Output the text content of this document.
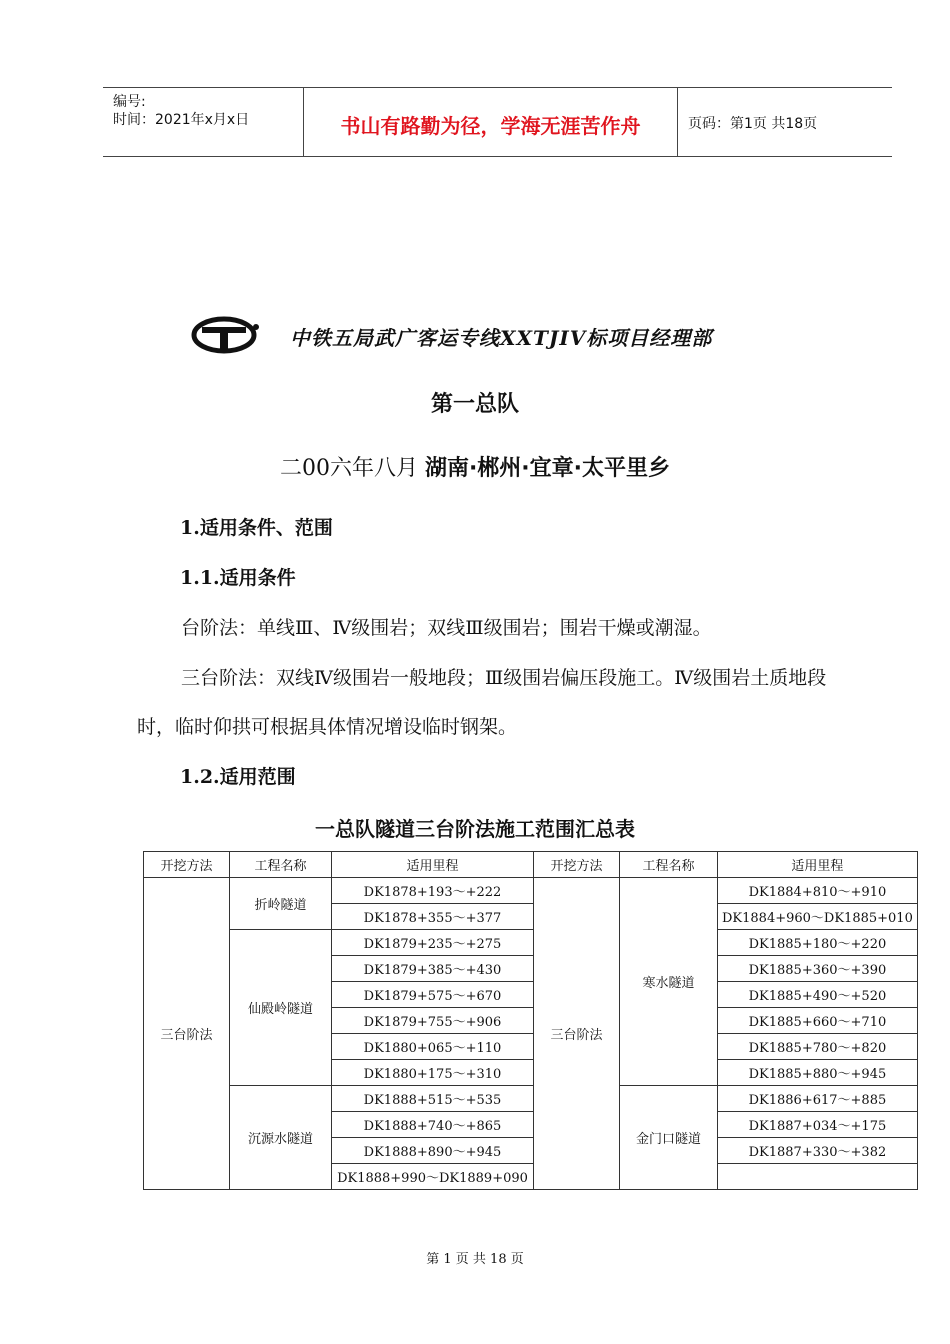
编号:
时间：2021年x月x日	书山有路勤为径，学海无涯苦作舟	页码：第1页 共18页
中铁五局武广客运专线XXTJIV标项目经理部
第一总队
二00六年八月 湖南·郴州·宜章·太平里乡
1.适用条件、范围
1.1.适用条件
台阶法：单线Ⅲ、Ⅳ级围岩；双线Ⅲ级围岩；围岩干燥或潮湿。
三台阶法：双线Ⅳ级围岩一般地段；Ⅲ级围岩偏压段施工。Ⅳ级围岩土质地段时，临时仰拱可根据具体情况增设临时钢架。
1.2.适用范围
一总队隧道三台阶法施工范围汇总表
开挖方法	工程名称	适用里程	开挖方法	工程名称	适用里程
三台阶法	折岭隧道	DK1878+193～+222	三台阶法	寒水隧道	DK1884+810～+910
		DK1878+355～+377			DK1884+960～DK1885+010
	仙殿岭隧道	DK1879+235～+275			DK1885+180～+220
		DK1879+385～+430			DK1885+360～+390
		DK1879+575～+670			DK1885+490～+520
		DK1879+755～+906			DK1885+660～+710
		DK1880+065～+110			DK1885+780～+820
		DK1880+175～+310			DK1885+880～+945
	沉源水隧道	DK1888+515～+535		金门口隧道	DK1886+617～+885
		DK1888+740～+865			DK1887+034～+175
		DK1888+890～+945			DK1887+330～+382
		DK1888+990～DK1889+090			
第 1 页 共 18 页
